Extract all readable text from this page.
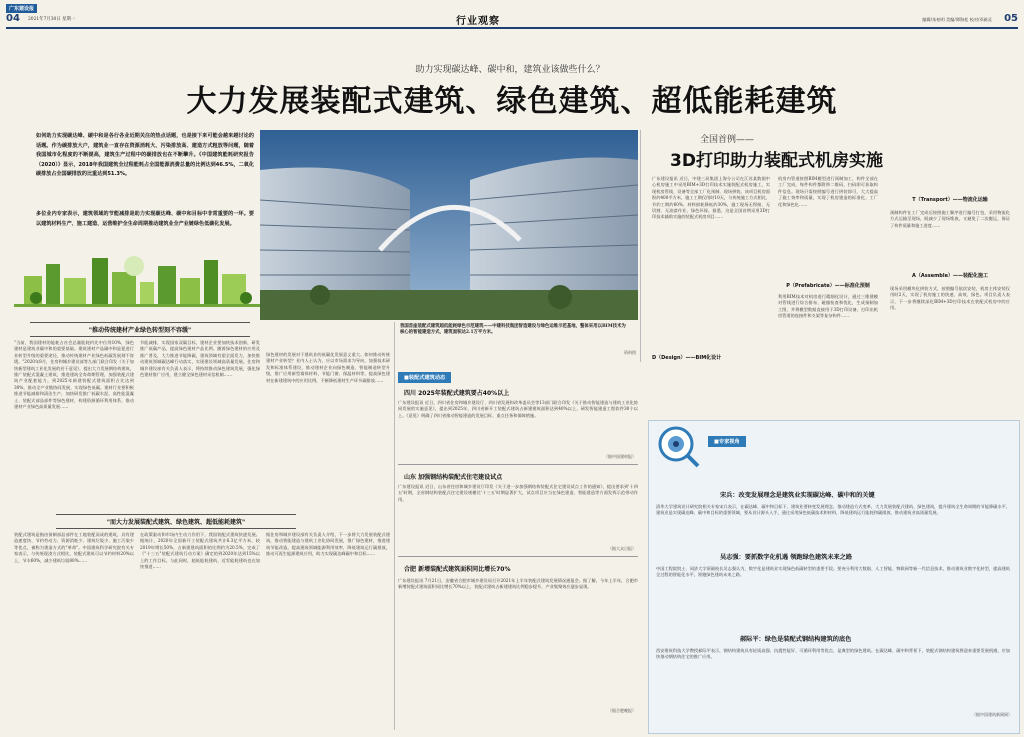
广东建设报
04 2021年7月30日 星期一	行业观察	编辑/朱柏明 美编/谭海松 校对/邓新灵 05
助力实现碳达峰、碳中和，建筑业该做些什么？
大力发展装配式建筑、绿色建筑、超低能耗建筑
如何助力实现碳达峰、碳中和是各行各业近期关注的热点话题，也是接下来可能会越来越讨论的话题。作为碳排放大户，建筑业一直存在资源消耗大、污染排放高、建造方式粗放等问题，随着我国城市化程度的不断提高，建筑生产过程中的碳排放也在不断攀升。《中国建筑能耗研究报告（2020）》显示，2018年我国建筑全过程能耗占全国能源消费总量的比例达到46.5%，二氧化碳排放占全国碳排放的比重达到51.3%。
多位业内专家表示，建筑领域的节能减排是助力实现碳达峰、碳中和目标中非常重要的一环。要以建筑材料生产、施工建造、运营维护全生命周期推动建筑业全产业链绿色低碳化发展。
我国首座装配式建筑超低能耗绿色示范建筑——中建科技集团智造建设与绿色运维示范基地，整体采用以BIM技术为核心的智能建造方式，建筑面积达2.1万平方米。
资料图
"推动传统建材产业绿色转型刻不容缓"
"当前，我国建材的能耗占社会总量能耗约比中位列10%，绿色建材是建筑业碳中和的重要基础。建筑建材产品碳中和是促进行业转型升级的重要途径，推动传统建材产业绿色低碳发展刻不容缓。"2020年8月，住房和城乡建设部等九部门联合印发《关于加快新型建筑工业化发展的若干意见》，提出大力发展钢结构建筑，推广装配式混凝土建筑，推进建筑全寿命期管理，加强装配式建筑产业配套能力，到2025年新建装配式建筑面积占比达到30%，推动全产业链协同发展，实现绿色低碳。建材行业要积极推进节能减排和清洁生产，加快研发推广低碳水泥、高性能混凝土、装配式部品部件等绿色建材，构建资源循环利用体系，推动建材产业绿色高质量发展……
节能减排，实现国家双碳目标，建材企业要加快技术创新，研发推广低碳产品，提高绿色建材产品比例。随着绿色建材的应用及推广普及，大力推进节能降碳，建筑领域有望全面发力，加快推动建筑领域碳达峰行动落实，实现建设领域高质量发展。住房和城乡建设部有关负责人表示，将持续推动绿色建筑发展，强化绿色建材推广应用，建立健全绿色建材采信机制……
绿色建材的发展对于建筑业的低碳化发展意义重大。如何推动传统建材产业转型？业内人士认为，应以市场需求为导向，加强技术研发和标准体系建设，推动建材企业向绿色制造、智能制造转型升级，推广应用新型墙体材料、节能门窗、保温材料等，提高绿色建材在新建建筑中的应用比例，不断降低建材生产环节碳排放……
"而大力发展装配式建筑、绿色建筑、超低能耗建筑"
装配式建筑是指由预制部品部件在工地装配而成的建筑，具有建造速度快、节约劳动力、资源消耗少、建筑垃圾少、施工污染少等优点，被称为建造方式的"革命"。中国建筑科学研究院有关专家表示，与传统现浇方式相比，装配式建筑可以节约材料20%以上，节水60%，减少建筑垃圾80%……
在政策驱动和市场内生动力作用下，我国装配式建筑快速发展。据统计，2020年全国新开工装配式建筑共计6.3亿平方米，较2019年增长50%，占新建建筑面积的比例约为20.5%，完成了《"十三五"装配式建筑行动方案》确定的到2020年达到15%以上的工作目标。与此同时，超低能耗建筑、近零能耗建筑也在加快推进……
据住房和城乡建设部有关负责人介绍，下一步将大力发展装配式建筑，推动智能建造与建筑工业化协同发展，推广绿色建材，推进建筑节能改造，提高建筑领域能源利用效率，降低建筑运行碳排放，推动可再生能源建筑应用，助力实现碳达峰碳中和目标……
■装配式建筑动态
四川 2025年装配式建筑要占40%以上
广东建设报讯 近日，四川省住房和城乡建设厅、四川省发展和改革委员会等13部门联合印发《关于推动智能建造与建筑工业化协同发展的实施意见》，提出到2025年，四川省新开工装配式建筑占新建建筑面积达到40%以上，研发智能建造工程软件30个以上。《意见》明确了四川省推动智能建造的发展目标、重点任务和保障措施。
（据中国建材报）
山东 加强钢结构装配式住宅建设试点
广东建设报讯 近日，山东省住房和城乡建设厅印发《关于进一步加强钢结构装配式住宅建设试点工作的通知》，提出要求到'十四五'时期，全省钢结构装配式住宅建设规模比'十三五'时期显著扩大，试点项目应当在绿色建造、智能建造等方面发挥示范带动作用。
（据大众日报）
合肥 新增装配式建筑面积同比增长70%
广东建设报讯 7月21日，安徽省合肥市城乡建设局召开2021年上半年装配式建筑发展情况通报会。据了解，今年上半年，合肥市新增装配式建筑面积同比增长70%以上，装配式建筑占新建建筑比例稳步提升，产业集聚效应逐步显现。
（据合肥晚报）
全国首例——
3D打印助力装配式机房实施
广东建设报讯 近日，中建三局集团上海分公司在江苏某数据中心机房施工中采用BIM+3D打印技术实施装配式机房施工，实现机房管线、设备等全部工厂化预制、现场拼装。该项目机房面积约400平方米，施工工期仅用时10天，与传统施工方式相比，节约工期约60%，材料损耗降低约30%，施工现场无焊接、无切割、无油漆作业，绿色环保。据悉，这是全国首例采用3D打印技术辅助实施的装配式机房项目……
机房内管道按照BIM模型进行预制加工，构件全部在工厂完成，每件构件都附带二维码，扫码即可获取构件信息。现场只需按照编号进行拼装即可，大大提高了施工效率和质量，实现了机房建造的标准化、工厂化和绿色化……
P（Prefabricate）——标准化预制
利用BIM技术对机房进行精细化设计，通过三维建模对管线进行综合排布、碰撞检查和优化，生成预制加工图，并将模型数据直接用于3D打印设备，打印出机房管道的连接件和支架等复杂构件……
D（Design）——BIM化设计
T（Transport）——物流化运输
预制构件在工厂完成后按照施工顺序进行编号打包，采用物流化方式运输至现场，既减少了现场堆放，又避免了二次搬运，保证了构件质量和施工进度……
A（Assemble）——装配化施工
现场采用模块化拼装方式，按照编号依次安装，机房主体安装仅用时2天，实现了机房施工的快速、高效、绿色。项目负责人表示，下一步将继续深化BIM+3D打印技术在装配式机房中的应用。
■专家视角
宋兵：改变发展理念是建筑业实现碳达峰、碳中和的关键
清华大学建筑设计研究院相关专家宋兵表示，在碳达峰、碳中和目标下，建筑业要转变发展理念，推动建造方式变革，大力发展装配式建筑、绿色建筑，提升建筑全生命周期的节能降碳水平。建筑业是实现碳达峰、碳中和目标的重要领域，要从设计源头入手，通过采用绿色低碳技术和材料，降低建筑运行能耗和碳排放，推动建筑业高质量发展。
吴志强：要抓数字化机遇 领跑绿色建筑未来之路
中国工程院院士、同济大学原副校长吴志强认为，数字化是建筑业实现绿色低碳转型的重要手段。要充分利用大数据、人工智能、物联网等新一代信息技术，推动建筑业数字化转型，提高建筑全过程的智能化水平，领跑绿色建筑未来之路。
郝际平：绿色是装配式钢结构建筑的底色
西安建筑科技大学教授郝际平表示，钢结构建筑具有轻质高强、抗震性能好、可循环利用等优点，是典型的绿色建筑。在碳达峰、碳中和背景下，装配式钢结构建筑将迎来重要发展机遇，应加快推动钢结构住宅的推广应用。
（据中国建筑新闻网）
